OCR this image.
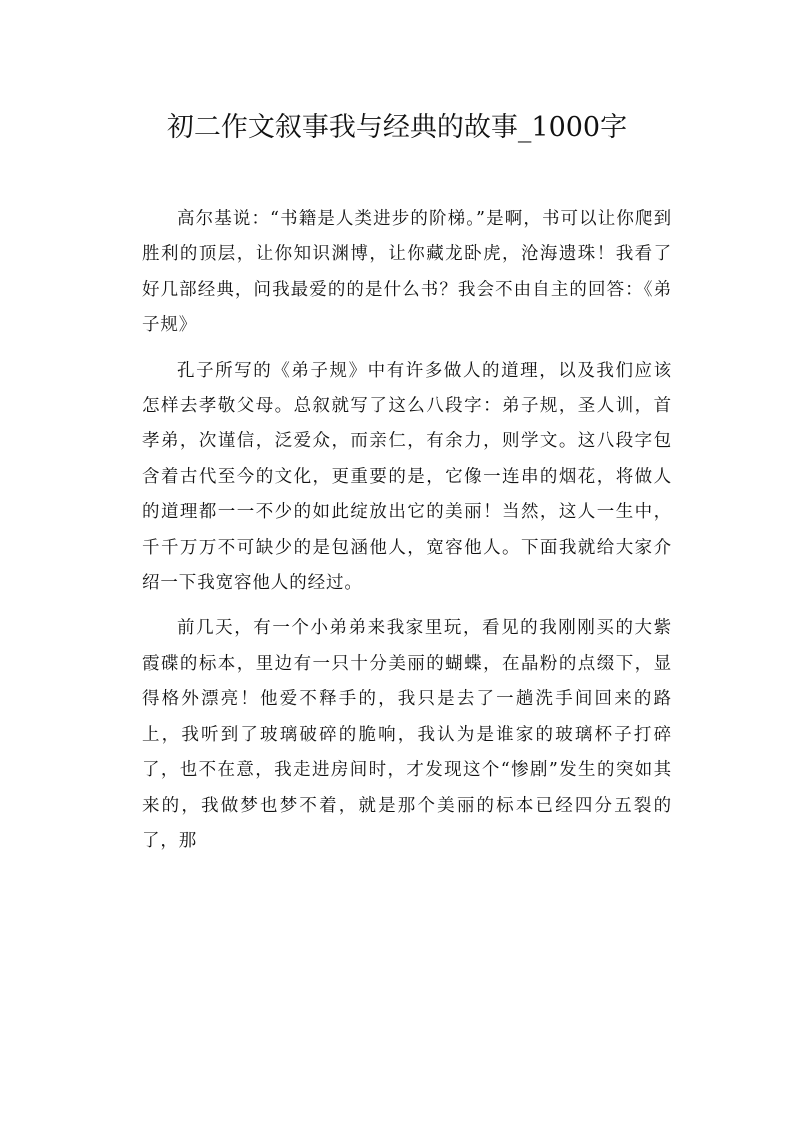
初二作文叙事我与经典的故事_1000字

高尔基说：“书籍是人类进步的阶梯。”是啊，书可以让你爬到胜利的顶层，让你知识渊博，让你藏龙卧虎，沧海遗珠！我看了好几部经典，问我最爱的的是什么书？我会不由自主的回答：《弟子规》

孔子所写的《弟子规》中有许多做人的道理，以及我们应该怎样去孝敬父母。总叙就写了这么八段字：弟子规，圣人训，首孝弟，次谨信，泛爱众，而亲仁，有余力，则学文。这八段字包含着古代至今的文化，更重要的是，它像一连串的烟花，将做人的道理都一一不少的如此绽放出它的美丽！当然，这人一生中，千千万万不可缺少的是包涵他人，宽容他人。下面我就给大家介绍一下我宽容他人的经过。

前几天，有一个小弟弟来我家里玩，看见的我刚刚买的大紫霞碟的标本，里边有一只十分美丽的蝴蝶，在晶粉的点缀下，显得格外漂亮！他爱不释手的，我只是去了一趟洗手间回来的路上，我听到了玻璃破碎的脆响，我认为是谁家的玻璃杯子打碎了，也不在意，我走进房间时，才发现这个“惨剧”发生的突如其来的，我做梦也梦不着，就是那个美丽的标本已经四分五裂的了，那
